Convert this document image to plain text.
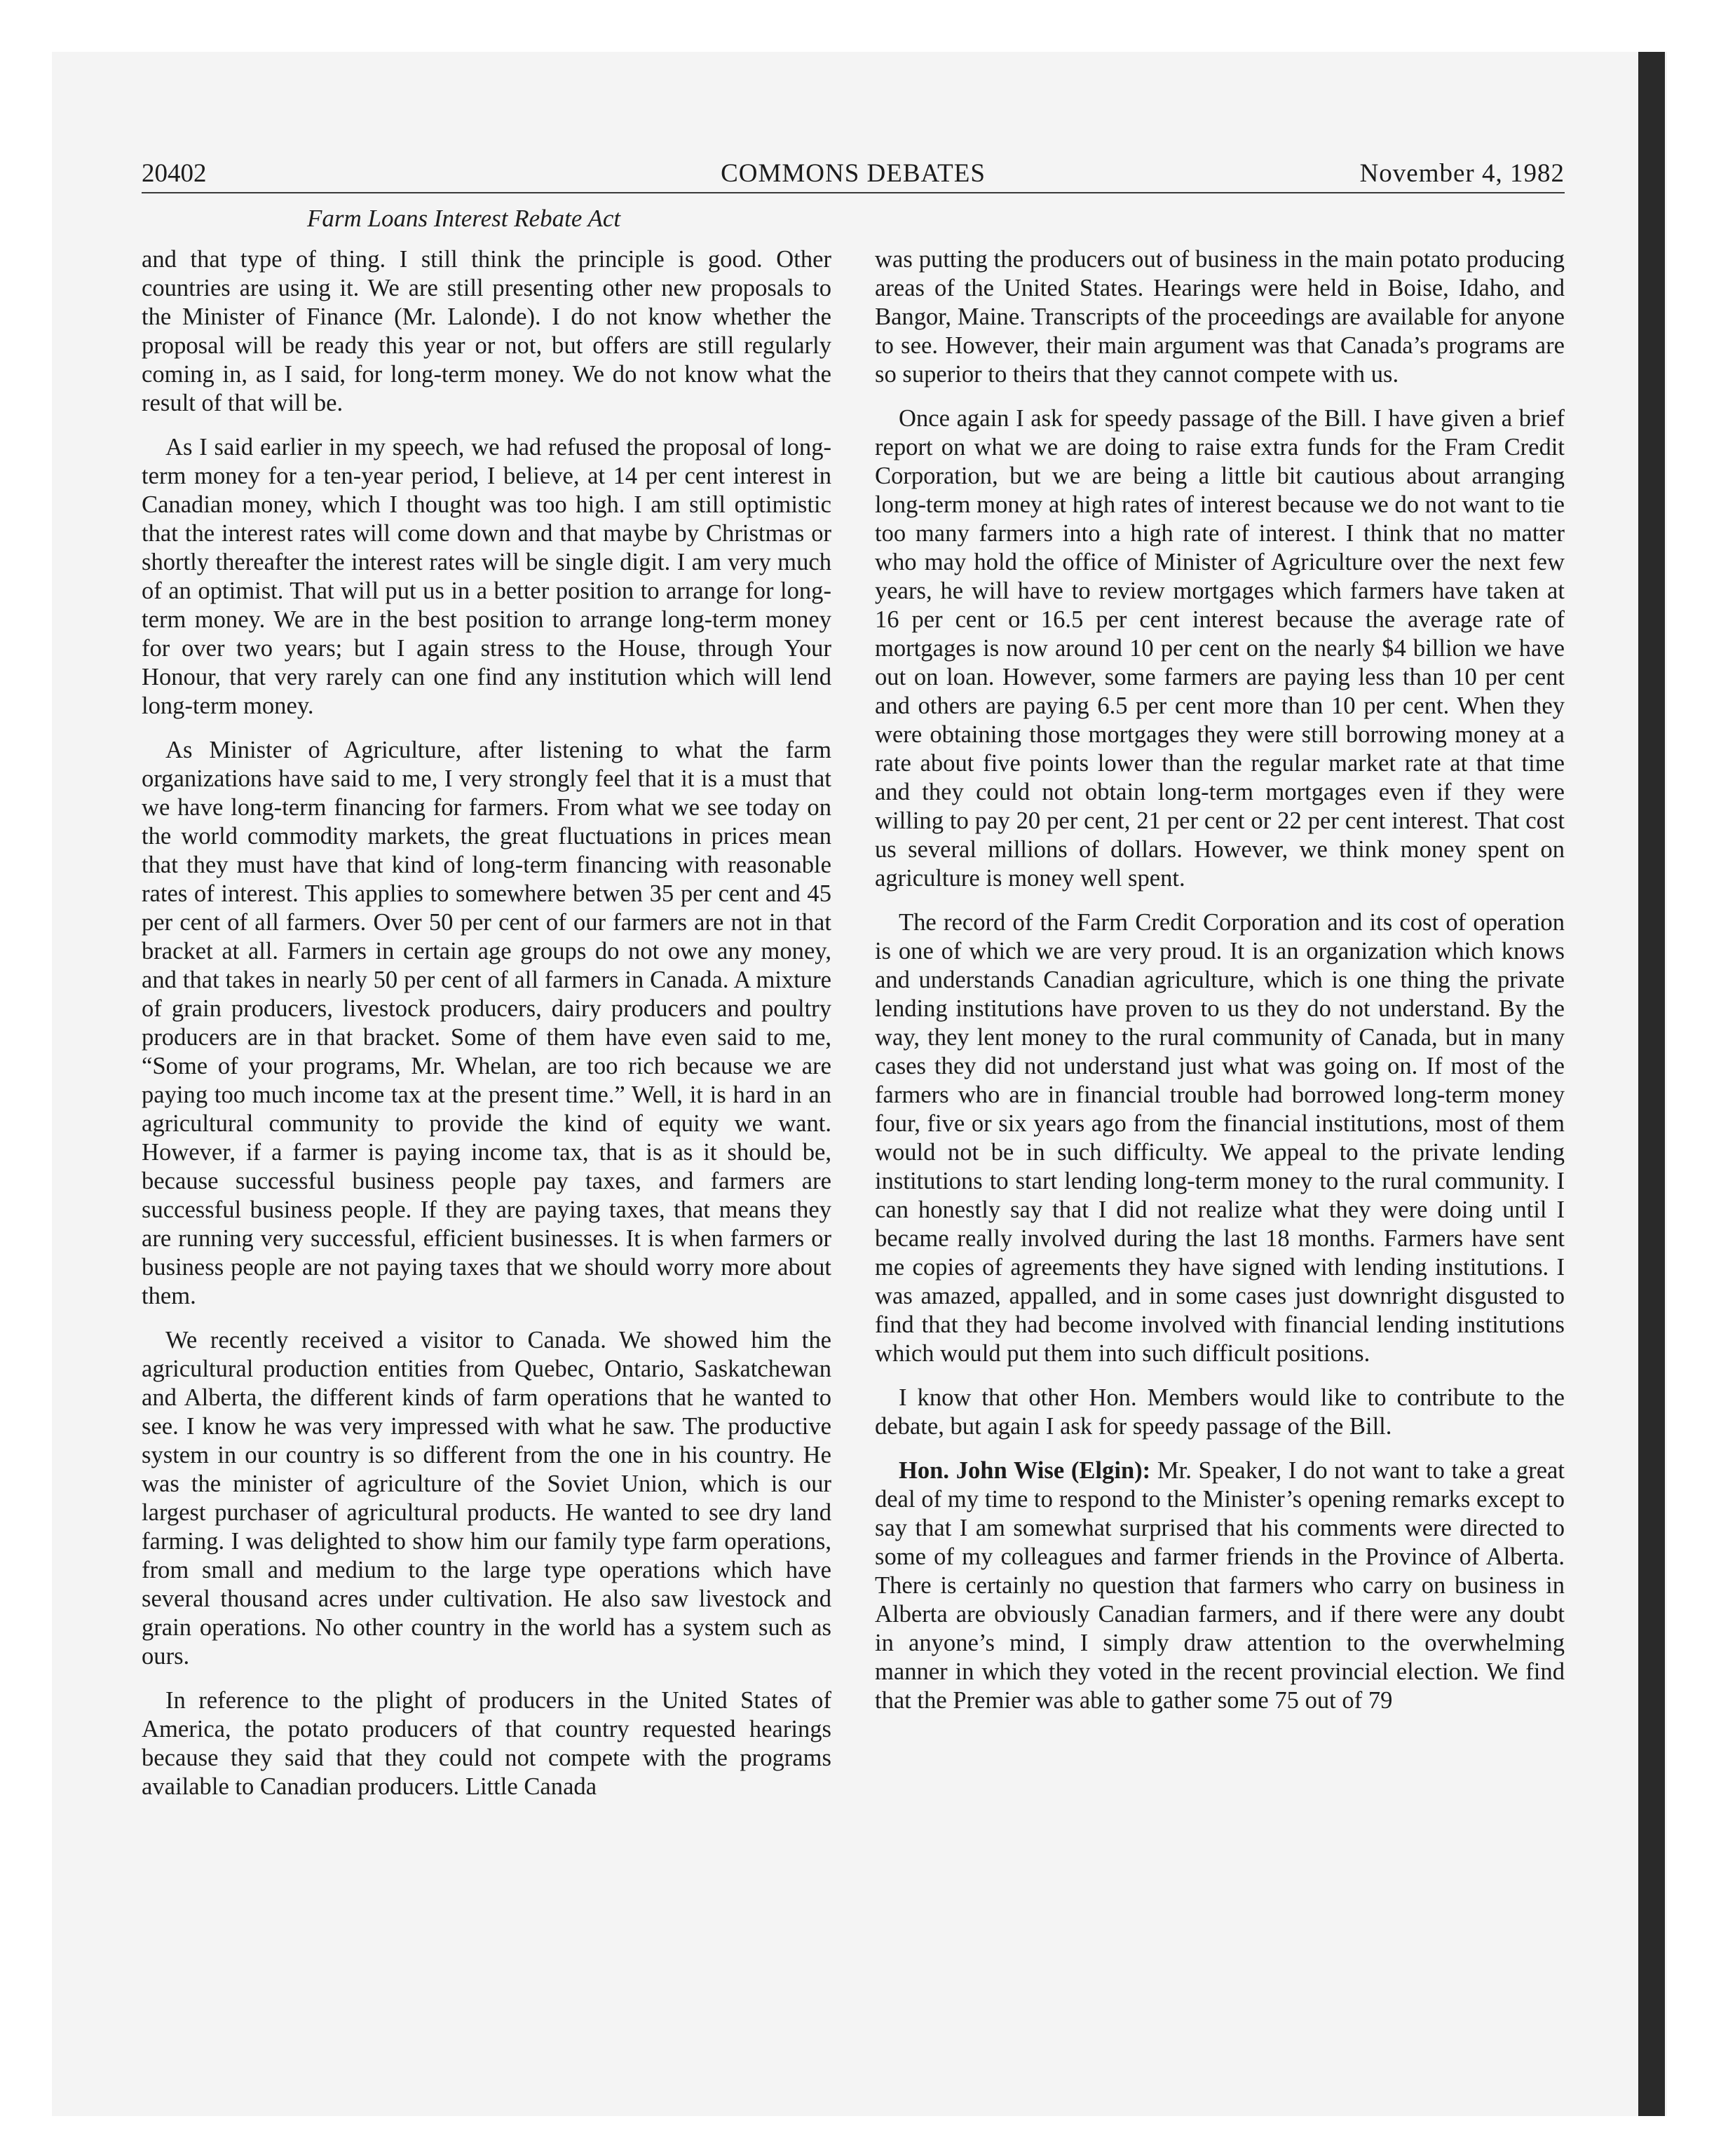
20402	COMMONS DEBATES	November 4, 1982
Farm Loans Interest Rebate Act

and that type of thing. I still think the principle is good. Other countries are using it. We are still presenting other new proposals to the Minister of Finance (Mr. Lalonde). I do not know whether the proposal will be ready this year or not, but offers are still regularly coming in, as I said, for long-term money. We do not know what the result of that will be.

As I said earlier in my speech, we had refused the proposal of long-term money for a ten-year period, I believe, at 14 per cent interest in Canadian money, which I thought was too high. I am still optimistic that the interest rates will come down and that maybe by Christmas or shortly thereafter the interest rates will be single digit. I am very much of an optimist. That will put us in a better position to arrange for long-term money. We are in the best position to arrange long-term money for over two years; but I again stress to the House, through Your Honour, that very rarely can one find any institution which will lend long-term money.

As Minister of Agriculture, after listening to what the farm organizations have said to me, I very strongly feel that it is a must that we have long-term financing for farmers. From what we see today on the world commodity markets, the great fluctuations in prices mean that they must have that kind of long-term financing with reasonable rates of interest. This applies to somewhere betwen 35 per cent and 45 per cent of all farmers. Over 50 per cent of our farmers are not in that bracket at all. Farmers in certain age groups do not owe any money, and that takes in nearly 50 per cent of all farmers in Canada. A mixture of grain producers, livestock producers, dairy producers and poultry producers are in that bracket. Some of them have even said to me, “Some of your programs, Mr. Whelan, are too rich because we are paying too much income tax at the present time.” Well, it is hard in an agricultural community to provide the kind of equity we want. However, if a farmer is paying income tax, that is as it should be, because successful business people pay taxes, and farmers are successful business people. If they are paying taxes, that means they are running very successful, efficient businesses. It is when farmers or business people are not paying taxes that we should worry more about them.

We recently received a visitor to Canada. We showed him the agricultural production entities from Quebec, Ontario, Saskatchewan and Alberta, the different kinds of farm operations that he wanted to see. I know he was very impressed with what he saw. The productive system in our country is so different from the one in his country. He was the minister of agriculture of the Soviet Union, which is our largest purchaser of agricultural products. He wanted to see dry land farming. I was delighted to show him our family type farm operations, from small and medium to the large type operations which have several thousand acres under cultivation. He also saw livestock and grain operations. No other country in the world has a system such as ours.

In reference to the plight of producers in the United States of America, the potato producers of that country requested hearings because they said that they could not compete with the programs available to Canadian producers. Little Canada

was putting the producers out of business in the main potato producing areas of the United States. Hearings were held in Boise, Idaho, and Bangor, Maine. Transcripts of the proceedings are available for anyone to see. However, their main argument was that Canada’s programs are so superior to theirs that they cannot compete with us.

Once again I ask for speedy passage of the Bill. I have given a brief report on what we are doing to raise extra funds for the Fram Credit Corporation, but we are being a little bit cautious about arranging long-term money at high rates of interest because we do not want to tie too many farmers into a high rate of interest. I think that no matter who may hold the office of Minister of Agriculture over the next few years, he will have to review mortgages which farmers have taken at 16 per cent or 16.5 per cent interest because the average rate of mortgages is now around 10 per cent on the nearly $4 billion we have out on loan. However, some farmers are paying less than 10 per cent and others are paying 6.5 per cent more than 10 per cent. When they were obtaining those mortgages they were still borrowing money at a rate about five points lower than the regular market rate at that time and they could not obtain long-term mortgages even if they were willing to pay 20 per cent, 21 per cent or 22 per cent interest. That cost us several millions of dollars. However, we think money spent on agriculture is money well spent.

The record of the Farm Credit Corporation and its cost of operation is one of which we are very proud. It is an organization which knows and understands Canadian agriculture, which is one thing the private lending institutions have proven to us they do not understand. By the way, they lent money to the rural community of Canada, but in many cases they did not understand just what was going on. If most of the farmers who are in financial trouble had borrowed long-term money four, five or six years ago from the financial institutions, most of them would not be in such difficulty. We appeal to the private lending institutions to start lending long-term money to the rural community. I can honestly say that I did not realize what they were doing until I became really involved during the last 18 months. Farmers have sent me copies of agreements they have signed with lending institutions. I was amazed, appalled, and in some cases just downright disgusted to find that they had become involved with financial lending institutions which would put them into such difficult positions.

I know that other Hon. Members would like to contribute to the debate, but again I ask for speedy passage of the Bill.

Hon. John Wise (Elgin): Mr. Speaker, I do not want to take a great deal of my time to respond to the Minister’s opening remarks except to say that I am somewhat surprised that his comments were directed to some of my colleagues and farmer friends in the Province of Alberta. There is certainly no question that farmers who carry on business in Alberta are obviously Canadian farmers, and if there were any doubt in anyone’s mind, I simply draw attention to the overwhelming manner in which they voted in the recent provincial election. We find that the Premier was able to gather some 75 out of 79
